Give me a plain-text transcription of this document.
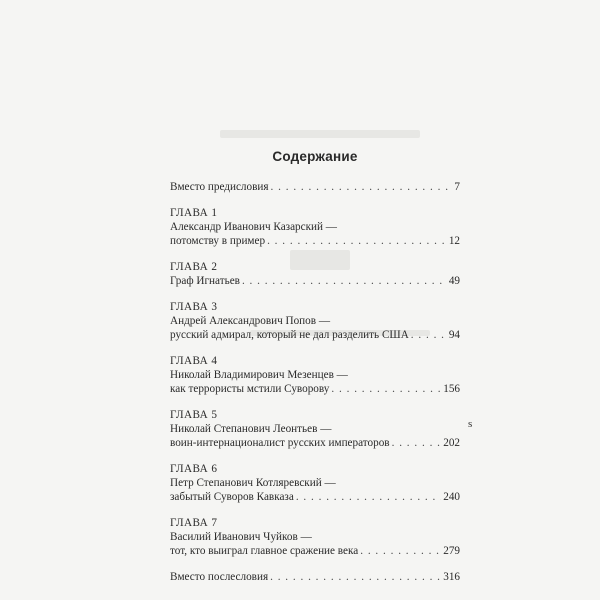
Содержание
Вместо предисловия . . .	7
ГЛАВА 1
Александр Иванович Казарский —
потомству в пример . . .	12
ГЛАВА 2
Граф Игнатьев . . .	49
ГЛАВА 3
Андрей Александрович Попов —
русский адмирал, который не дал разделить США . . .	94
ГЛАВА 4
Николай Владимирович Мезенцев —
как террористы мстили Суворову . . .	156
ГЛАВА 5
Николай Степанович Леонтьев —
воин-интернационалист русских императоров . . .	202
ГЛАВА 6
Петр Степанович Котляревский —
забытый Суворов Кавказа . . .	240
ГЛАВА 7
Василий Иванович Чуйков —
тот, кто выиграл главное сражение века . . .	279
Вместо послесловия . . .	316
ѕ
